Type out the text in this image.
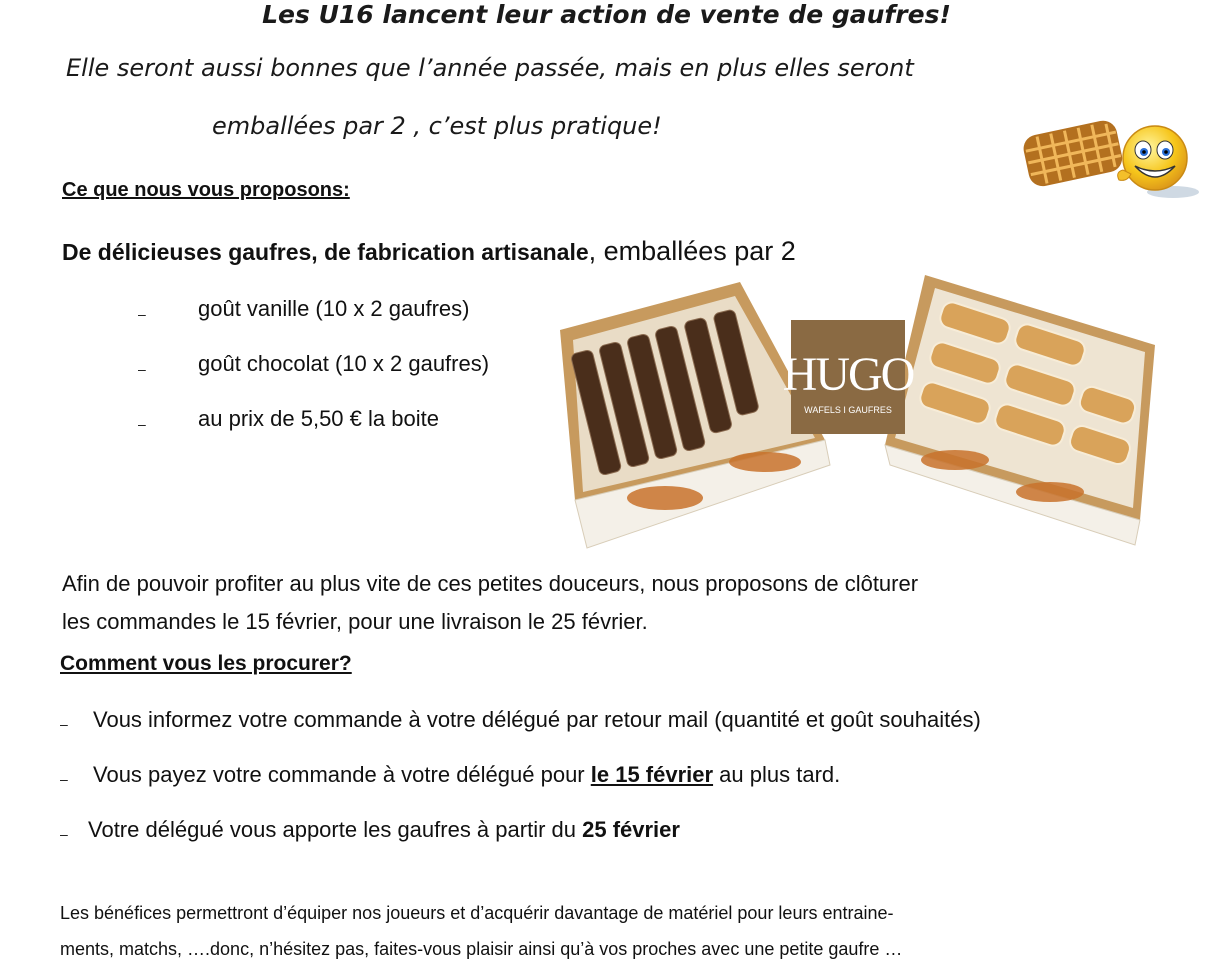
Les U16 lancent leur action de vente de gaufres!
Elle seront aussi bonnes que l’année passée, mais en plus elles seront
emballées par 2 , c’est plus pratique!
Ce que nous vous proposons:
De délicieuses gaufres, de fabrication artisanale, emballées par 2
– goût vanille (10 x 2 gaufres)
– goût chocolat (10 x 2 gaufres)
– au prix de 5,50 € la boite
HUGO
WAFELS I GAUFRES
Afin de pouvoir profiter au plus vite de ces petites douceurs, nous proposons de clôturer
les commandes le 15 février, pour une livraison le 25 février.
Comment vous les procurer?
– Vous informez votre commande à votre délégué par retour mail (quantité et goût souhaités)
– Vous payez votre commande à votre délégué pour le 15 février au plus tard.
– Votre délégué vous apporte les gaufres à partir du 25 février
Les bénéfices permettront d’équiper nos joueurs et d’acquérir davantage de matériel pour leurs entraine-
ments, matchs, ….donc, n’hésitez pas, faites-vous plaisir ainsi qu’à vos proches avec une petite gaufre …
